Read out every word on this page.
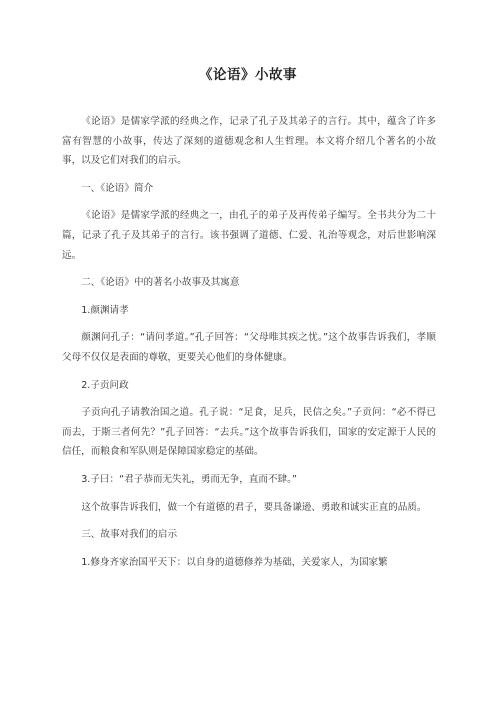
《论语》小故事

《论语》是儒家学派的经典之作，记录了孔子及其弟子的言行。其中，蕴含了许多富有智慧的小故事，传达了深刻的道德观念和人生哲理。本文将介绍几个著名的小故事，以及它们对我们的启示。

一、《论语》简介

《论语》是儒家学派的经典之一，由孔子的弟子及再传弟子编写。全书共分为二十篇，记录了孔子及其弟子的言行。该书强调了道德、仁爱、礼治等观念，对后世影响深远。

二、《论语》中的著名小故事及其寓意

1.颜渊请孝

颜渊问孔子：“请问孝道。”孔子回答：“父母唯其疾之忧。”这个故事告诉我们，孝顺父母不仅仅是表面的尊敬，更要关心他们的身体健康。

2.子贡问政

子贡向孔子请教治国之道。孔子说：“足食，足兵，民信之矣。”子贡问：“必不得已而去，于斯三者何先？”孔子回答：“去兵。”这个故事告诉我们，国家的安定源于人民的信任，而粮食和军队则是保障国家稳定的基础。

3.子曰：“君子恭而无失礼，勇而无争，直而不肆。”

这个故事告诉我们，做一个有道德的君子，要具备谦逊、勇敢和诚实正直的品质。

三、故事对我们的启示

1.修身齐家治国平天下：以自身的道德修养为基础，关爱家人，为国家繁
